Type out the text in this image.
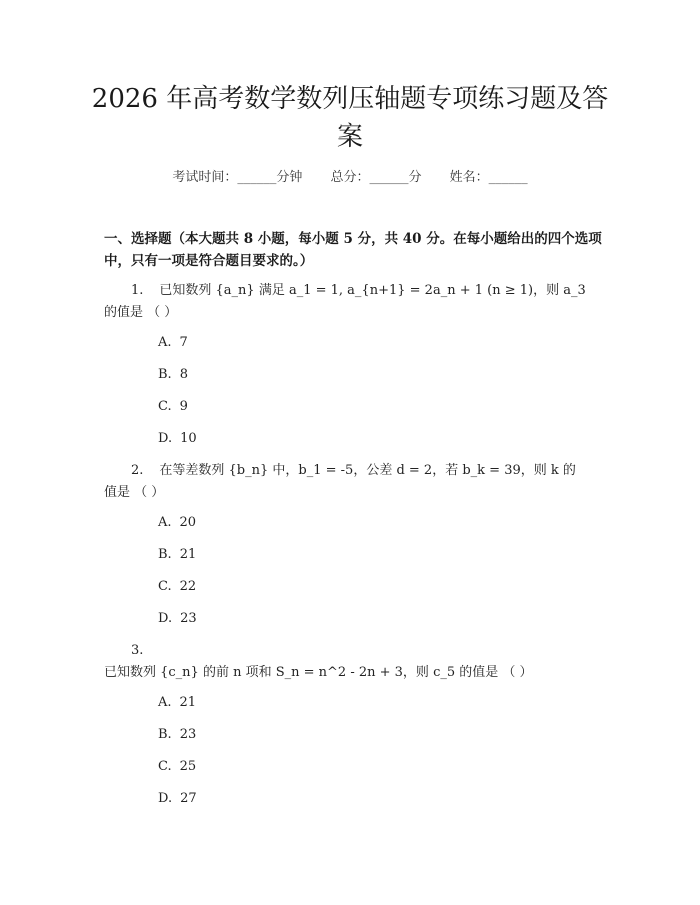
2026 年高考数学数列压轴题专项练习题及答案
考试时间：______分钟 总分：______分 姓名：______
一、选择题（本大题共 8 小题，每小题 5 分，共 40 分。在每小题给出的四个选项中，只有一项是符合题目要求的。）
1. 已知数列 {a_n} 满足 a_1 = 1, a_{n+1} = 2a_n + 1 (n ≥ 1)，则 a_3 的值是 （ ）
A. 7
B. 8
C. 9
D. 10
2. 在等差数列 {b_n} 中，b_1 = -5，公差 d = 2，若 b_k = 39，则 k 的值是 （ ）
A. 20
B. 21
C. 22
D. 23
3.已知数列 {c_n} 的前 n 项和 S_n = n^2 - 2n + 3，则 c_5 的值是 （ ）
A. 21
B. 23
C. 25
D. 27
